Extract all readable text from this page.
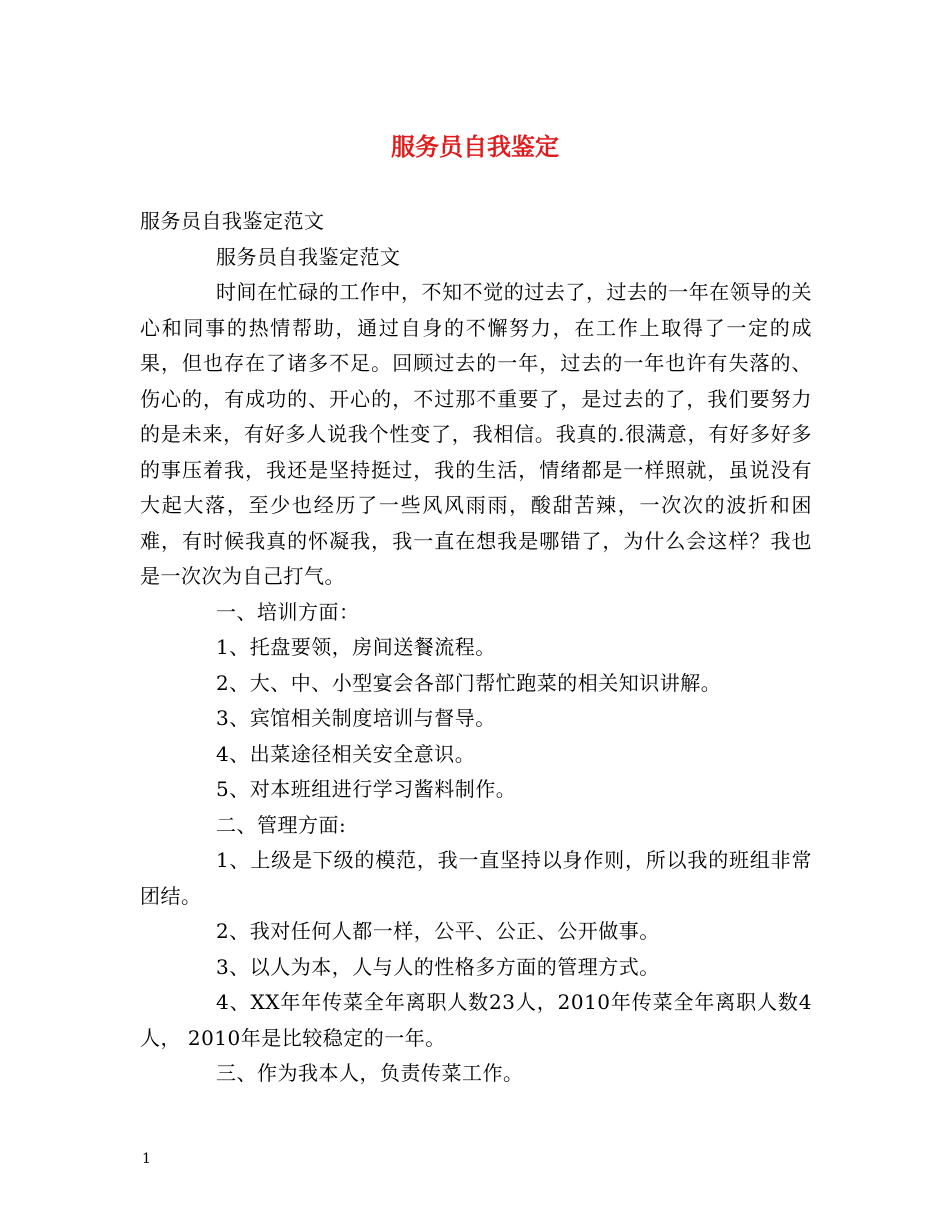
服务员自我鉴定

服务员自我鉴定范文

服务员自我鉴定范文

时间在忙碌的工作中，不知不觉的过去了，过去的一年在领导的关心和同事的热情帮助，通过自身的不懈努力，在工作上取得了一定的成果，但也存在了诸多不足。回顾过去的一年，过去的一年也许有失落的、伤心的，有成功的、开心的，不过那不重要了，是过去的了，我们要努力的是未来，有好多人说我个性变了，我相信。我真的.很满意，有好多好多的事压着我，我还是坚持挺过，我的生活，情绪都是一样照就，虽说没有大起大落，至少也经历了一些风风雨雨，酸甜苦辣，一次次的波折和困难，有时候我真的怀凝我，我一直在想我是哪错了，为什么会这样？我也是一次次为自己打气。

一、培训方面：

1、托盘要领，房间送餐流程。

2、大、中、小型宴会各部门帮忙跑菜的相关知识讲解。

3、宾馆相关制度培训与督导。

4、出菜途径相关安全意识。

5、对本班组进行学习酱料制作。

二、管理方面:

1、上级是下级的模范，我一直坚持以身作则，所以我的班组非常团结。

2、我对任何人都一样，公平、公正、公开做事。

3、以人为本，人与人的性格多方面的管理方式。

4、XX年年传菜全年离职人数23人，2010年传菜全年离职人数4人， 2010年是比较稳定的一年。

三、作为我本人，负责传菜工作。

1
